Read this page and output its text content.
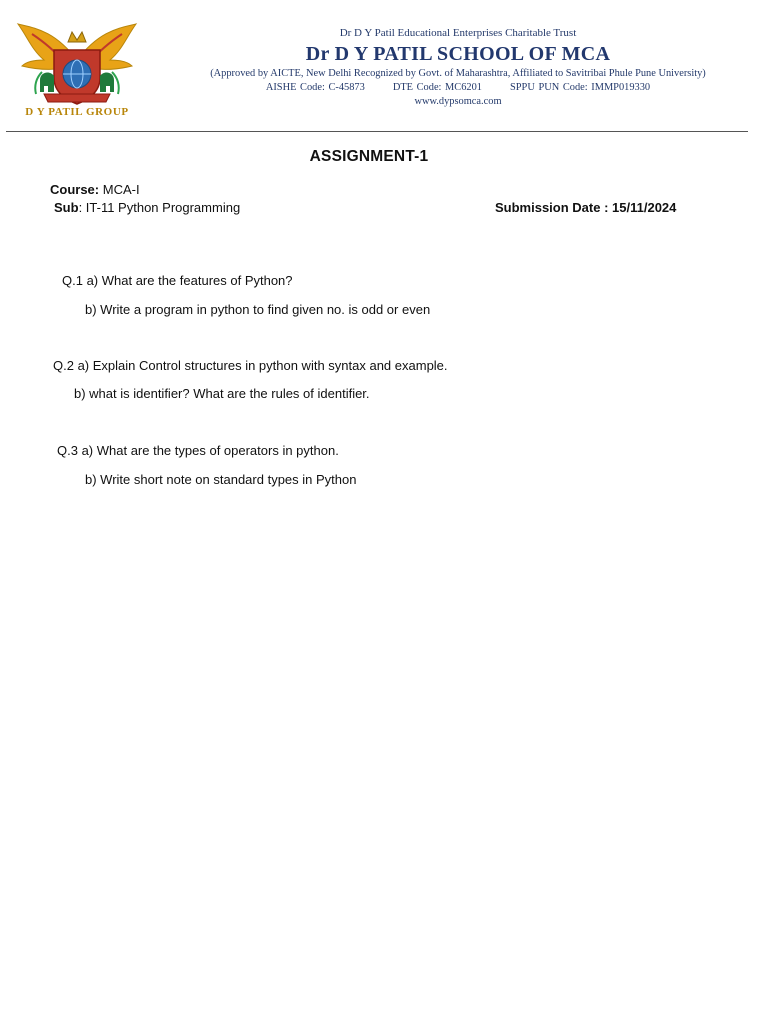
D Y PATIL GROUP
Dr D Y Patil Educational Enterprises Charitable Trust
Dr D Y PATIL SCHOOL OF MCA
(Approved by AICTE, New Delhi Recognized by Govt. of Maharashtra, Affiliated to Savitribai Phule Pune University)
AISHE Code: C-45873	DTE Code: MC6201	SPPU PUN Code: IMMP019330
www.dypsomca.com
ASSIGNMENT-1
Course: MCA-I
Sub: IT-11 Python Programming	Submission Date : 15/11/2024
Q.1 a) What are the features of Python?
b) Write a program in python to find given no. is odd or even
Q.2 a) Explain Control structures in python with syntax and example.
b) what is identifier? What are the rules of identifier.
Q.3 a) What are the types of operators in python.
b) Write short note on standard types in Python
